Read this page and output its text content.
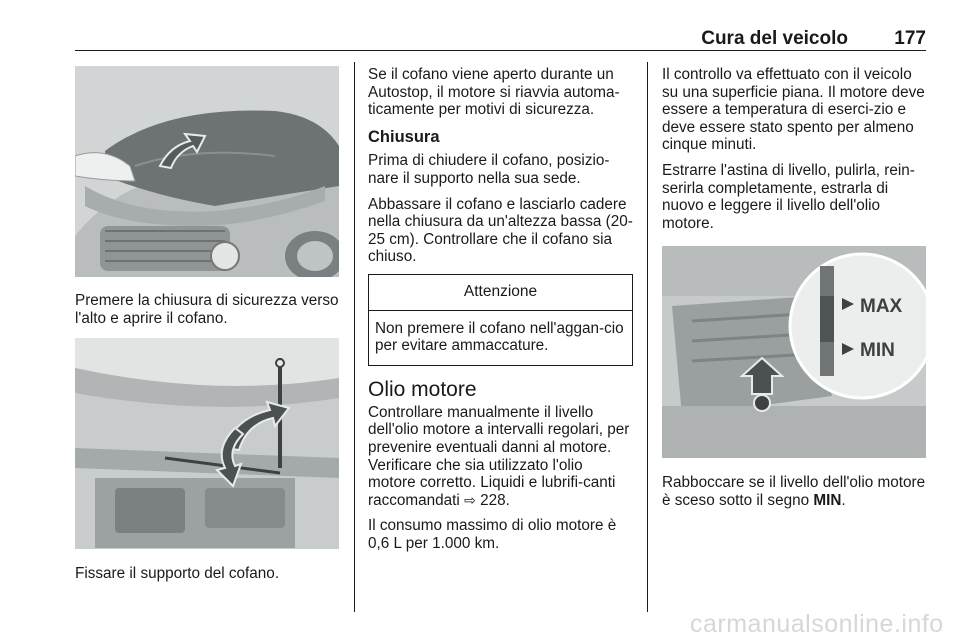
Cura del veicolo 177
Premere la chiusura di sicurezza verso l'alto e aprire il cofano.
Fissare il supporto del cofano.

Se il cofano viene aperto durante un Autostop, il motore si riavvia automa-ticamente per motivi di sicurezza.

Chiusura

Prima di chiudere il cofano, posizio-nare il supporto nella sua sede.

Abbassare il cofano e lasciarlo cadere nella chiusura da un'altezza bassa (20-25 cm). Controllare che il cofano sia chiuso.

Attenzione
Non premere il cofano nell'aggan-cio per evitare ammaccature.
Olio motore

Controllare manualmente il livello dell'olio motore a intervalli regolari, per prevenire eventuali danni al motore. Verificare che sia utilizzato l'olio motore corretto. Liquidi e lubrifi-canti raccomandati ⇨ 228.

Il consumo massimo di olio motore è 0,6 L per 1.000 km.

Il controllo va effettuato con il veicolo su una superficie piana. Il motore deve essere a temperatura di eserci-zio e deve essere stato spento per almeno cinque minuti.

Estrarre l'astina di livello, pulirla, rein-serirla completamente, estrarla di nuovo e leggere il livello dell'olio motore.

MAX
MIN

Rabboccare se il livello dell'olio motore è sceso sotto il segno MIN.

carmanualsonline.info
